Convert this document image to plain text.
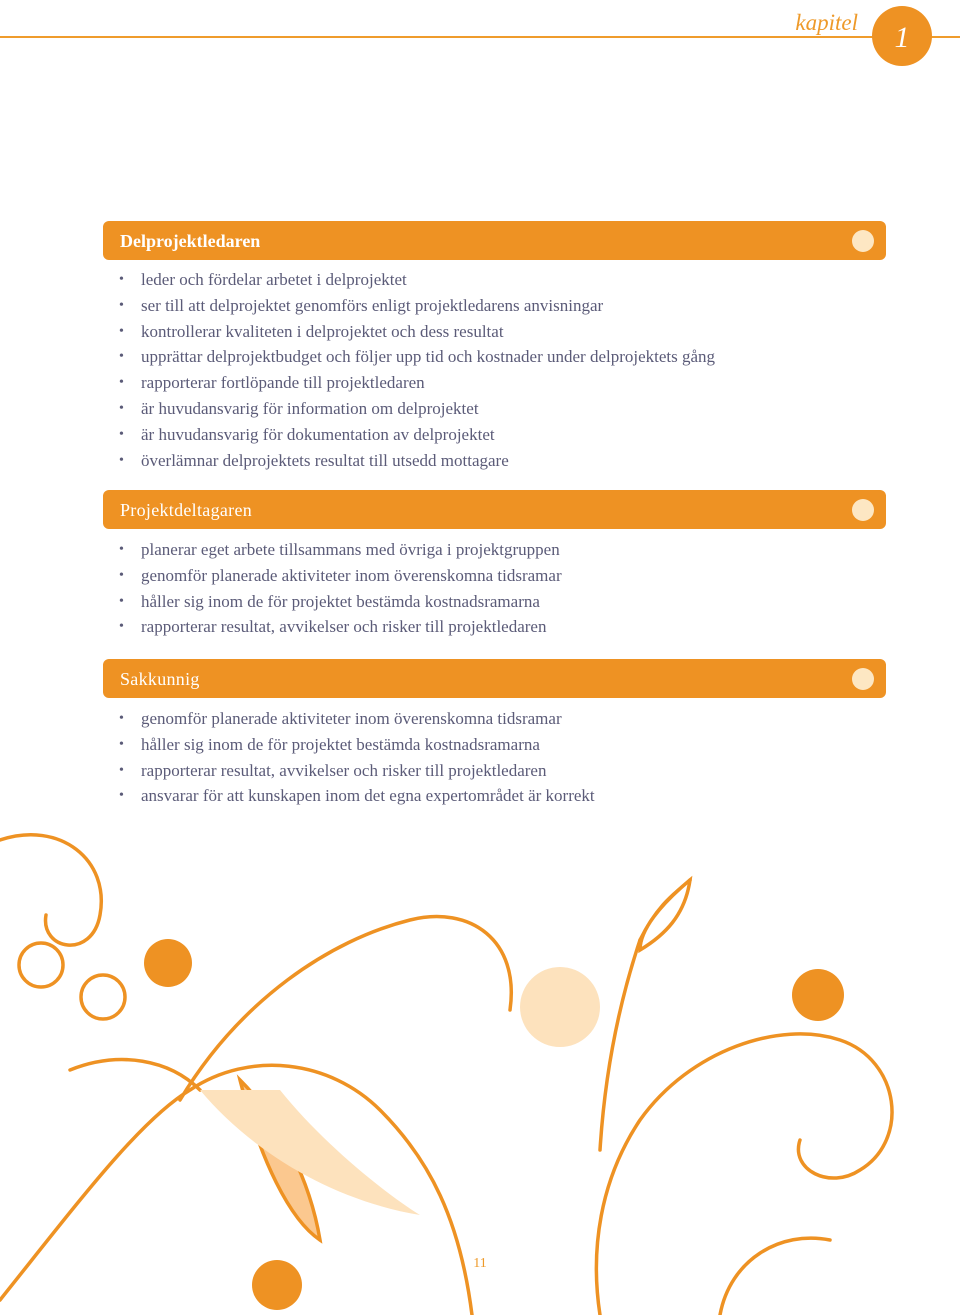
kapitel	1
Delprojektledaren
• leder och fördelar arbetet i delprojektet
• ser till att delprojektet genomförs enligt projektledarens anvisningar
• kontrollerar kvaliteten i delprojektet och dess resultat
• upprättar delprojektbudget och följer upp tid och kostnader under delprojektets gång
• rapporterar fortlöpande till projektledaren
• är huvudansvarig för information om delprojektet
• är huvudansvarig för dokumentation av delprojektet
• överlämnar delprojektets resultat till utsedd mottagare
Projektdeltagaren
• planerar eget arbete tillsammans med övriga i projektgruppen
• genomför planerade aktiviteter inom överenskomna tidsramar
• håller sig inom de för projektet bestämda kostnadsramarna
• rapporterar resultat, avvikelser och risker till projektledaren
Sakkunnig
• genomför planerade aktiviteter inom överenskomna tidsramar
• håller sig inom de för projektet bestämda kostnadsramarna
• rapporterar resultat, avvikelser och risker till projektledaren
• ansvarar för att kunskapen inom det egna expertområdet är korrekt
11
